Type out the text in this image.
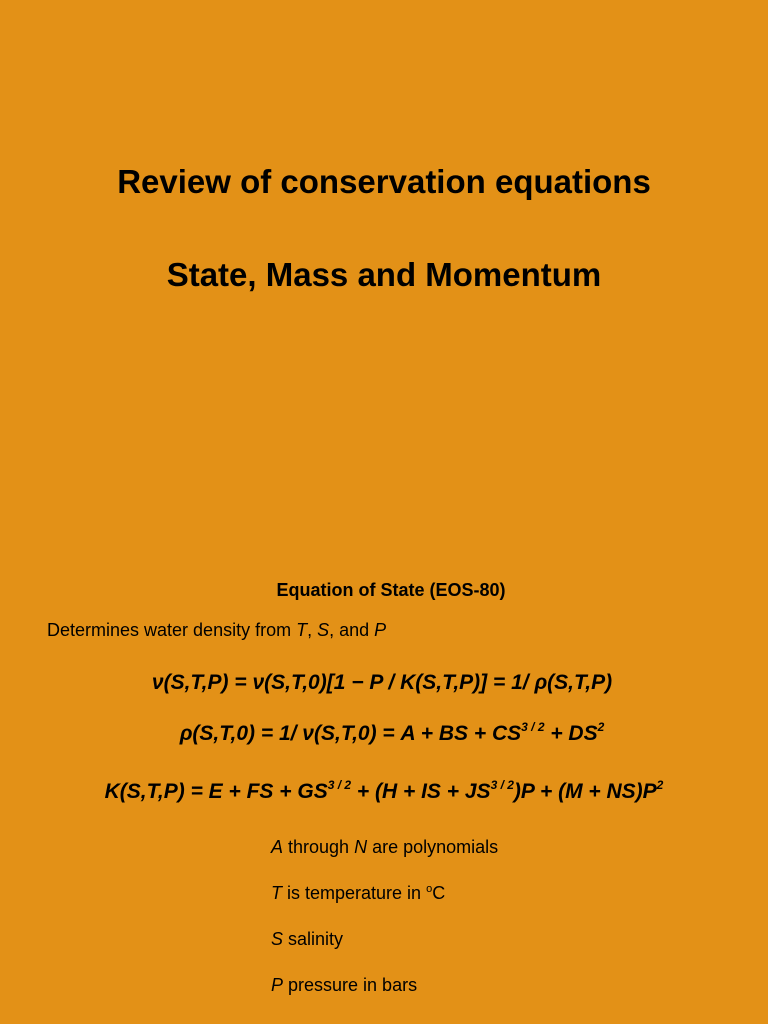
Review of conservation equations
State, Mass and Momentum
Equation of State (EOS-80)
Determines water density from T, S, and P
ν(S,T,P) = ν(S,T,0)[1 − P / K(S,T,P)] = 1/ ρ(S,T,P)
ρ(S,T,0) = 1/ ν(S,T,0) = A + BS + $CS^{3 / 2} + DS^2$
K(S,T,P) = E + FS + $GS^{3 / 2} + (H$ + IS + $JS^{3 / 2})P + (M + NS)P^2$
A through N are polynomials
T is temperature in $^o$C
S salinity
P pressure in bars
